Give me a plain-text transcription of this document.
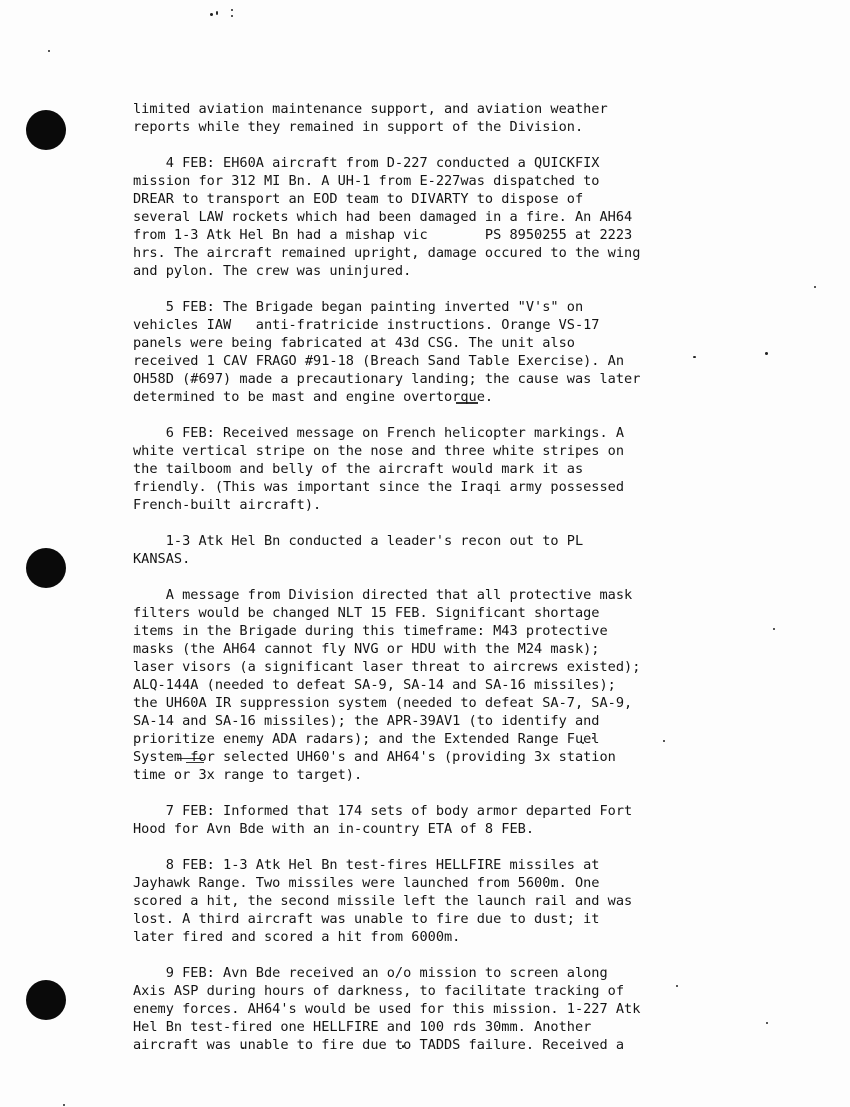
limited aviation maintenance support, and aviation weather
reports while they remained in support of the Division.
4 FEB: EH60A aircraft from D-227 conducted a QUICKFIX
mission for 312 MI Bn. A UH-1 from E-227was dispatched to
DREAR to transport an EOD team to DIVARTY to dispose of
several LAW rockets which had been damaged in a fire. An AH64
from 1-3 Atk Hel Bn had a mishap vic       PS 8950255 at 2223
hrs. The aircraft remained upright, damage occured to the wing
and pylon. The crew was uninjured.
5 FEB: The Brigade began painting inverted "V's" on
vehicles IAW   anti-fratricide instructions. Orange VS-17
panels were being fabricated at 43d CSG. The unit also
received 1 CAV FRAGO #91-18 (Breach Sand Table Exercise). An
OH58D (#697) made a precautionary landing; the cause was later
determined to be mast and engine overtorque.
6 FEB: Received message on French helicopter markings. A
white vertical stripe on the nose and three white stripes on
the tailboom and belly of the aircraft would mark it as
friendly. (This was important since the Iraqi army possessed
French-built aircraft).
1-3 Atk Hel Bn conducted a leader's recon out to PL
KANSAS.
A message from Division directed that all protective mask
filters would be changed NLT 15 FEB. Significant shortage
items in the Brigade during this timeframe: M43 protective
masks (the AH64 cannot fly NVG or HDU with the M24 mask);
laser visors (a significant laser threat to aircrews existed);
ALQ-144A (needed to defeat SA-9, SA-14 and SA-16 missiles);
the UH60A IR suppression system (needed to defeat SA-7, SA-9,
SA-14 and SA-16 missiles); the APR-39AV1 (to identify and
prioritize enemy ADA radars); and the Extended Range Fuel
System for selected UH60's and AH64's (providing 3x station
time or 3x range to target).
7 FEB: Informed that 174 sets of body armor departed Fort
Hood for Avn Bde with an in-country ETA of 8 FEB.
8 FEB: 1-3 Atk Hel Bn test-fires HELLFIRE missiles at
Jayhawk Range. Two missiles were launched from 5600m. One
scored a hit, the second missile left the launch rail and was
lost. A third aircraft was unable to fire due to dust; it
later fired and scored a hit from 6000m.
9 FEB: Avn Bde received an o/o mission to screen along
Axis ASP during hours of darkness, to facilitate tracking of
enemy forces. AH64's would be used for this mission. 1-227 Atk
Hel Bn test-fired one HELLFIRE and 100 rds 30mm. Another
aircraft was unable to fire due to TADDS failure. Received a
